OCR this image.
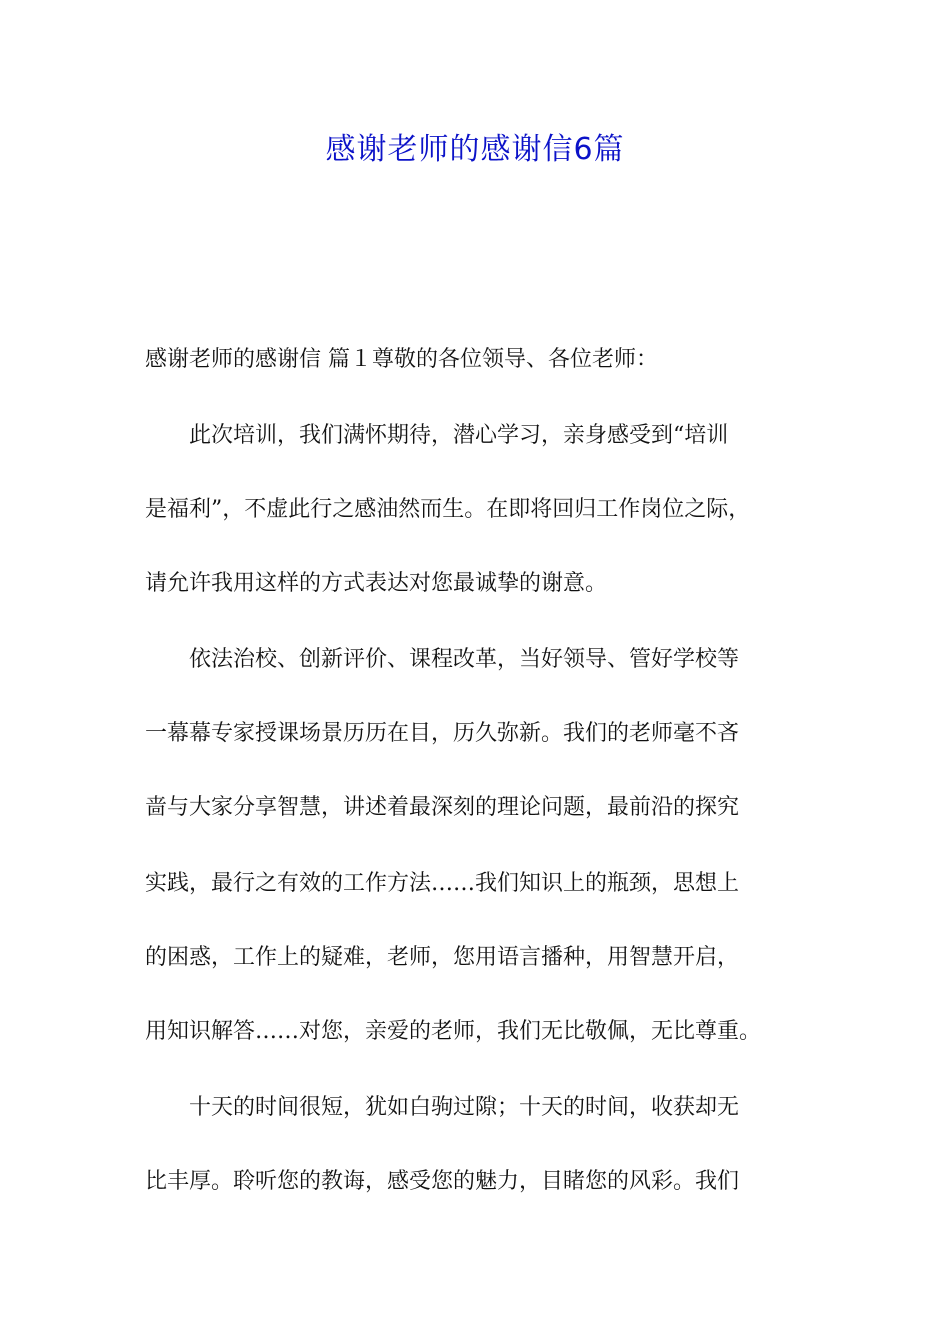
感谢老师的感谢信6篇
感谢老师的感谢信 篇１尊敬的各位领导、各位老师：
　　此次培训，我们满怀期待，潜心学习，亲身感受到“培训
是福利”，不虚此行之感油然而生。在即将回归工作岗位之际，
请允许我用这样的方式表达对您最诚挚的谢意。
　　依法治校、创新评价、课程改革，当好领导、管好学校等
一幕幕专家授课场景历历在目，历久弥新。我们的老师毫不吝
啬与大家分享智慧，讲述着最深刻的理论问题，最前沿的探究
实践，最行之有效的工作方法……我们知识上的瓶颈，思想上
的困惑，工作上的疑难，老师，您用语言播种，用智慧开启，
用知识解答……对您，亲爱的老师，我们无比敬佩，无比尊重。
　　十天的时间很短，犹如白驹过隙；十天的时间，收获却无
比丰厚。聆听您的教诲，感受您的魅力，目睹您的风彩。我们
